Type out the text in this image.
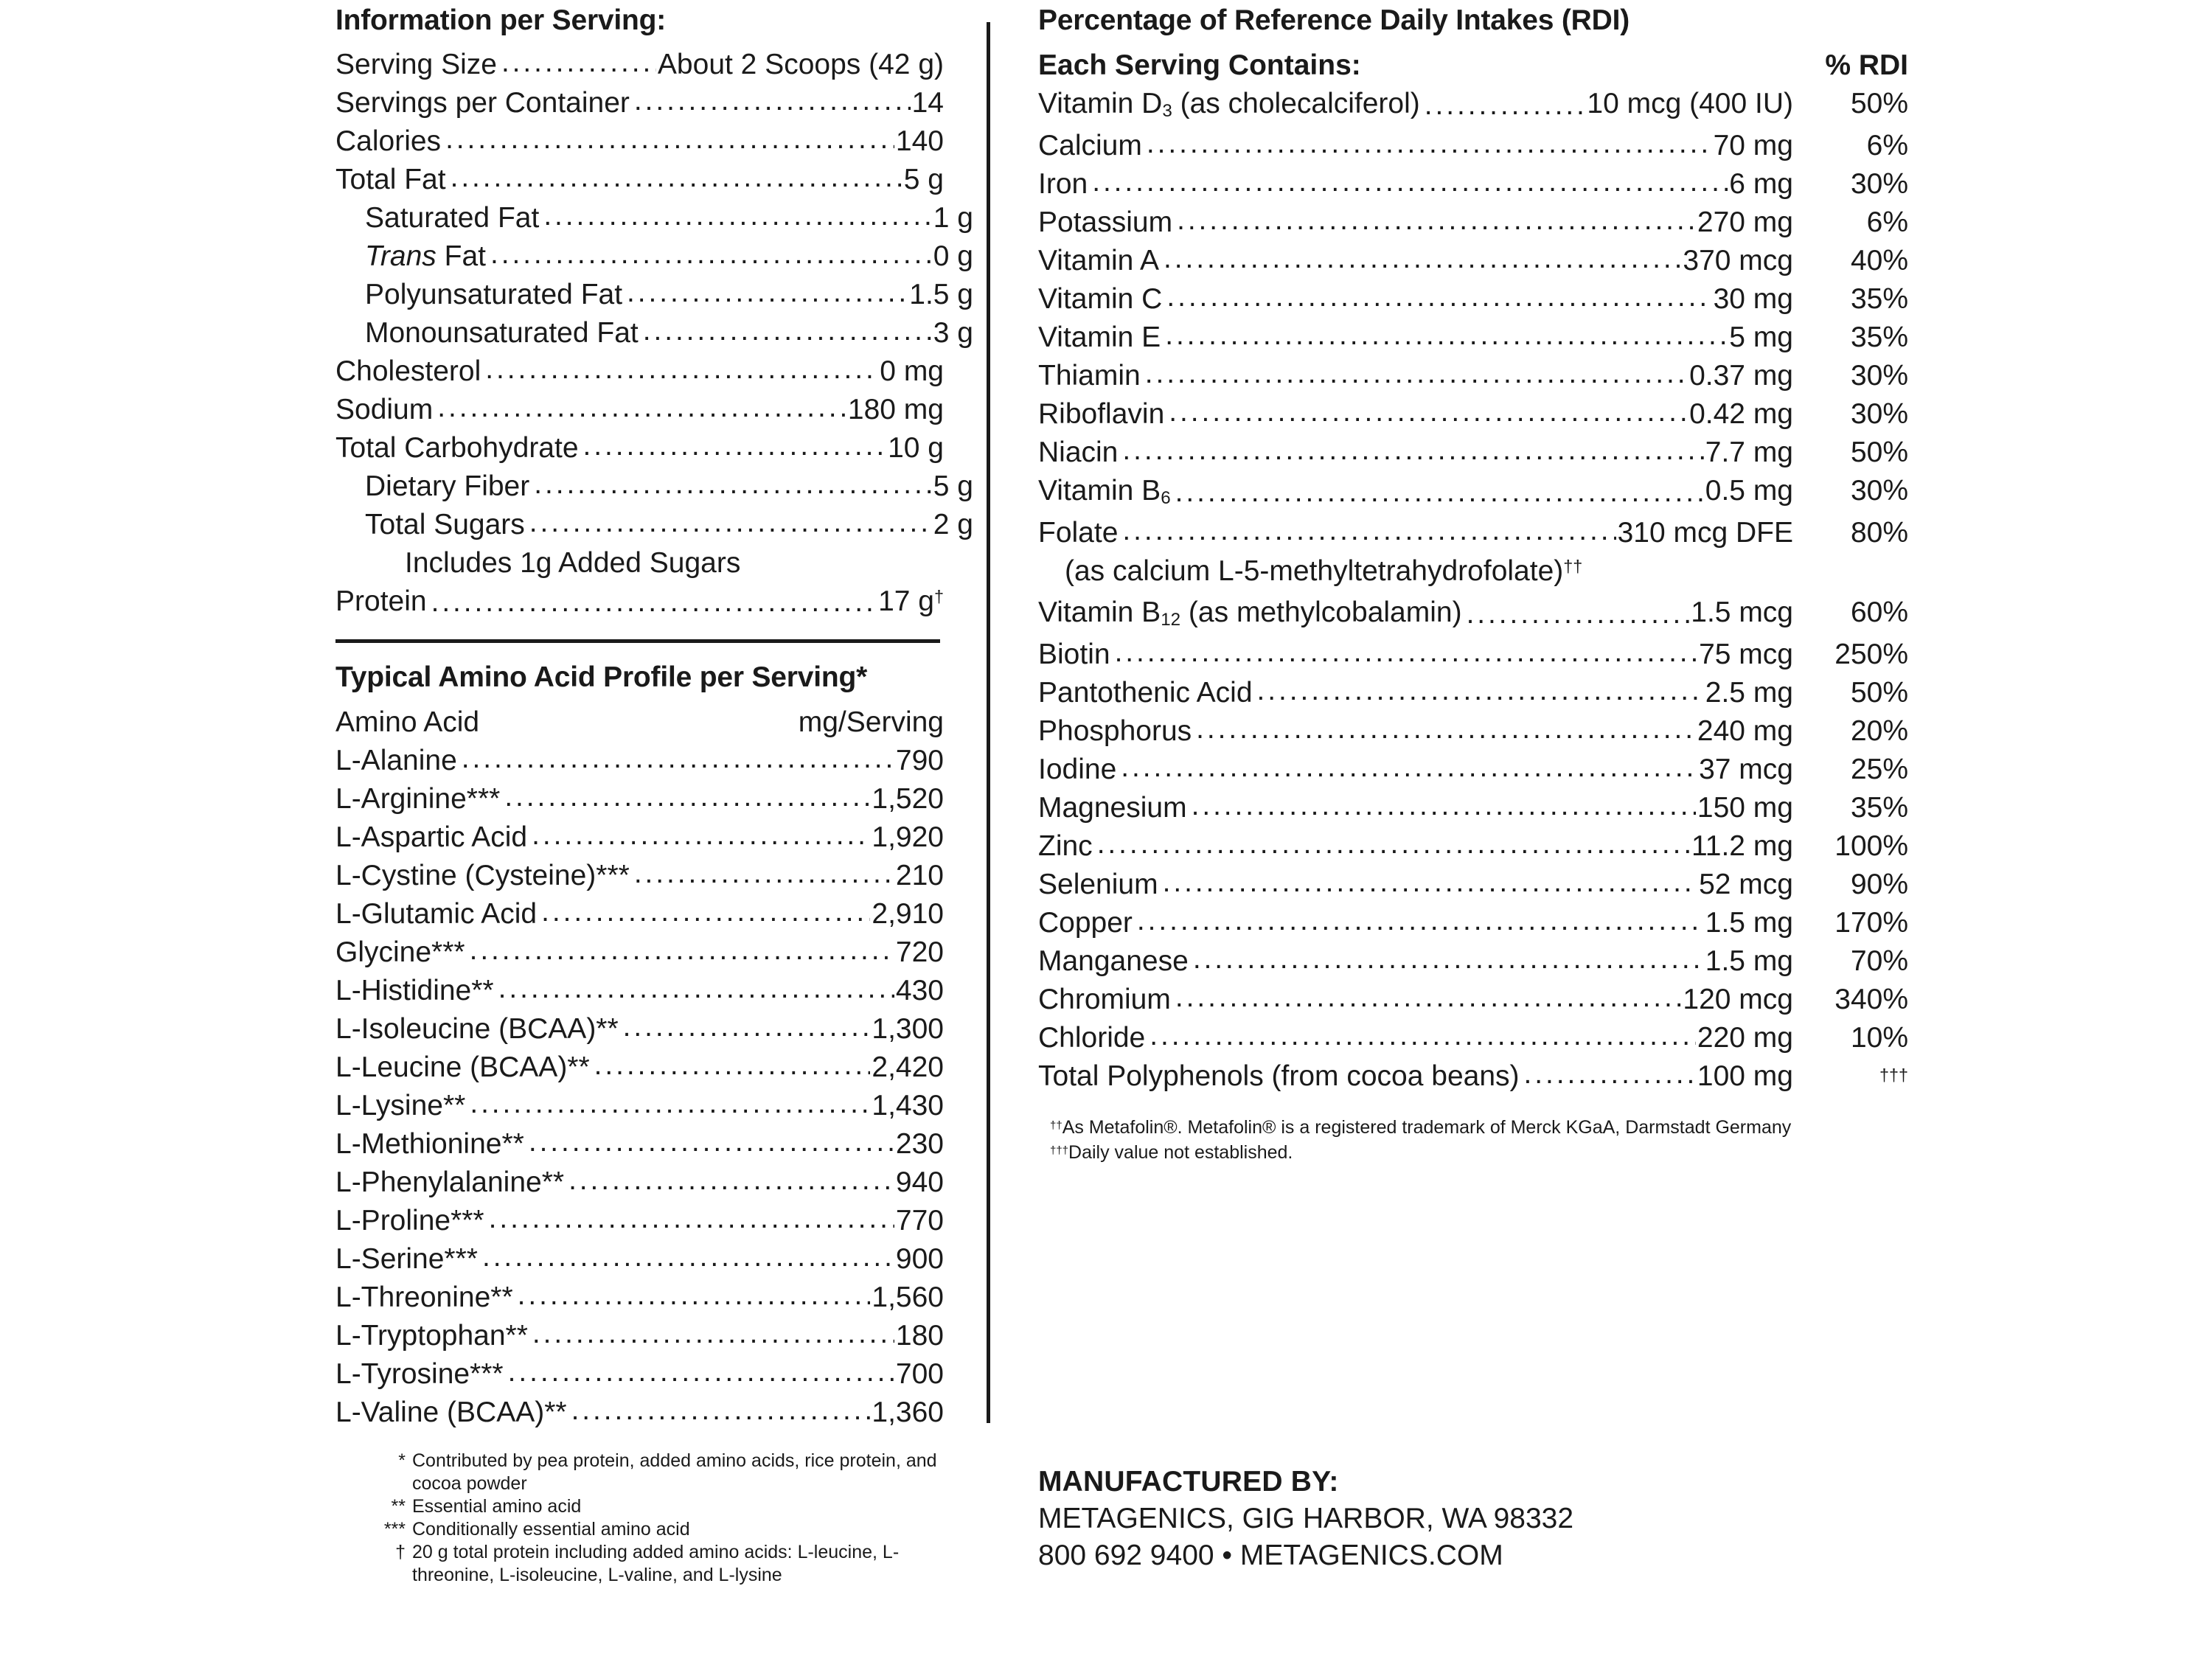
Information per Serving:
Serving Size .....	About 2 Scoops (42 g)
Servings per Container .....	14
Calories .....	140
Total Fat .....	5 g
Saturated Fat .....	1 g
Trans Fat .....	0 g
Polyunsaturated Fat .....	1.5 g
Monounsaturated Fat .....	3 g
Cholesterol .....	0 mg
Sodium .....	180 mg
Total Carbohydrate .....	10 g
Dietary Fiber .....	5 g
Total Sugars .....	2 g
Includes 1g Added Sugars
Protein .....	17 g†
Typical Amino Acid Profile per Serving*
Amino Acid	mg/Serving
L-Alanine .....	790
L-Arginine*** .....	1,520
L-Aspartic Acid .....	1,920
L-Cystine (Cysteine)*** .....	210
L-Glutamic Acid .....	2,910
Glycine*** .....	720
L-Histidine** .....	430
L-Isoleucine (BCAA)** .....	1,300
L-Leucine (BCAA)** .....	2,420
L-Lysine** .....	1,430
L-Methionine** .....	230
L-Phenylalanine** .....	940
L-Proline*** .....	770
L-Serine*** .....	900
L-Threonine** .....	1,560
L-Tryptophan** .....	180
L-Tyrosine*** .....	700
L-Valine (BCAA)** .....	1,360
* Contributed by pea protein, added amino acids, rice protein, and cocoa powder
** Essential amino acid
*** Conditionally essential amino acid
† 20 g total protein including added amino acids: L-leucine, L-threonine, L-isoleucine, L-valine, and L-lysine
Percentage of Reference Daily Intakes (RDI)
Each Serving Contains:	% RDI
Vitamin $D_3$ (as cholecalciferol) .....	10 mcg (400 IU)	50%
Calcium .....	70 mg	6%
Iron .....	6 mg	30%
Potassium .....	270 mg	6%
Vitamin A .....	370 mcg	40%
Vitamin C .....	30 mg	35%
Vitamin E .....	5 mg	35%
Thiamin .....	0.37 mg	30%
Riboflavin .....	0.42 mg	30%
Niacin .....	7.7 mg	50%
Vitamin $B_6$ .....	0.5 mg	30%
Folate .....	310 mcg DFE	80%
(as calcium L-5-methyltetrahydrofolate)††
Vitamin $B_{12}$ (as methylcobalamin) .....	1.5 mcg	60%
Biotin .....	75 mcg	250%
Pantothenic Acid .....	2.5 mg	50%
Phosphorus .....	240 mg	20%
Iodine .....	37 mcg	25%
Magnesium .....	150 mg	35%
Zinc .....	11.2 mg	100%
Selenium .....	52 mcg	90%
Copper .....	1.5 mg	170%
Manganese .....	1.5 mg	70%
Chromium .....	120 mcg	340%
Chloride .....	220 mg	10%
Total Polyphenols (from cocoa beans) .....	100 mg	†††
††As Metafolin®. Metafolin® is a registered trademark of Merck KGaA, Darmstadt Germany
†††Daily value not established.
MANUFACTURED BY:
METAGENICS, GIG HARBOR, WA 98332
800 692 9400 • METAGENICS.COM
